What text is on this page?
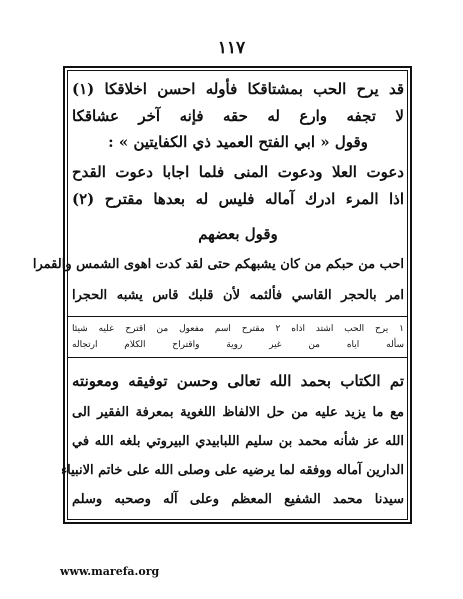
١١٧
قد يرح الحب بمشتاقكا فأوله احسن اخلاقكا (١)
لا تجفه وارع له حقه فإنه آخر عشاقكا
وقول « ابي الفتح العميد ذي الكفايتين » :
دعوت العلا ودعوت المنى فلما اجابا دعوت القدح
اذا المرء ادرك آماله فليس له بعدها مقترح (٢)
وقول بعضهم
احب من حبكم من كان يشبهكم حتى لقد كدت اهوى الشمس والقمرا
امر بالحجر القاسي فألثمه لأن قلبك قاس يشبه الحجرا
١ يرح الحب اشتد اذاه ٢ مقترح اسم مفعول من اقترح عليه شيئا
سأله اياه من غير روية واقتراح الكلام ارتجاله
تم الكتاب بحمد الله تعالى وحسن توفيقه ومعونته
مع ما يزيد عليه من حل الالفاظ اللغوية بمعرفة الفقير الى
الله عز شأنه محمد بن سليم اللبابيدي البيروتي بلغه الله في
الدارين آماله ووفقه لما يرضيه على وصلى الله على خاتم الانبياء
سيدنا محمد الشفيع المعظم وعلى آله وصحبه وسلم
www.marefa.org
